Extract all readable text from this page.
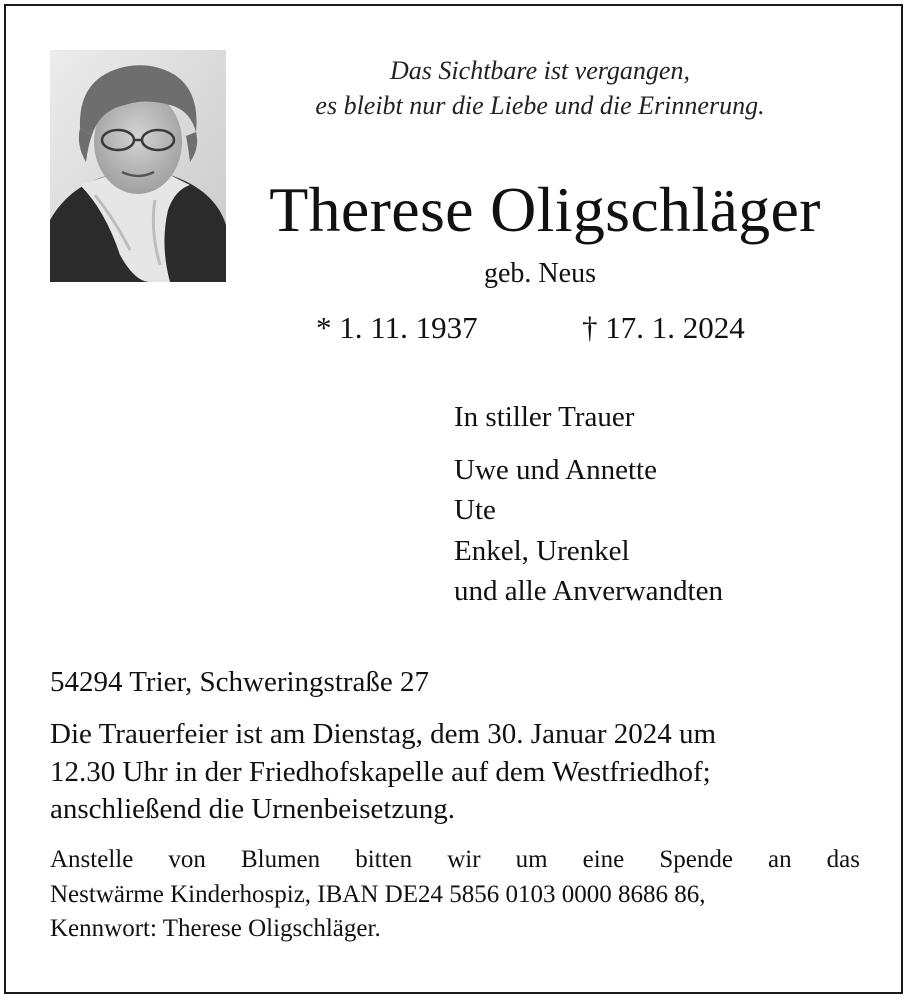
Das Sichtbare ist vergangen,
es bleibt nur die Liebe und die Erinnerung.
Therese Oligschläger
geb. Neus
* 1. 11. 1937	† 17. 1. 2024
In stiller Trauer
Uwe und Annette
Ute
Enkel, Urenkel
und alle Anverwandten
54294 Trier, Schweringstraße 27
Die Trauerfeier ist am Dienstag, dem 30. Januar 2024 um
12.30 Uhr in der Friedhofskapelle auf dem Westfriedhof;
anschließend die Urnenbeisetzung.
Anstelle von Blumen bitten wir um eine Spende an das
Nestwärme Kinderhospiz, IBAN DE24 5856 0103 0000 8686 86,
Kennwort: Therese Oligschläger.
